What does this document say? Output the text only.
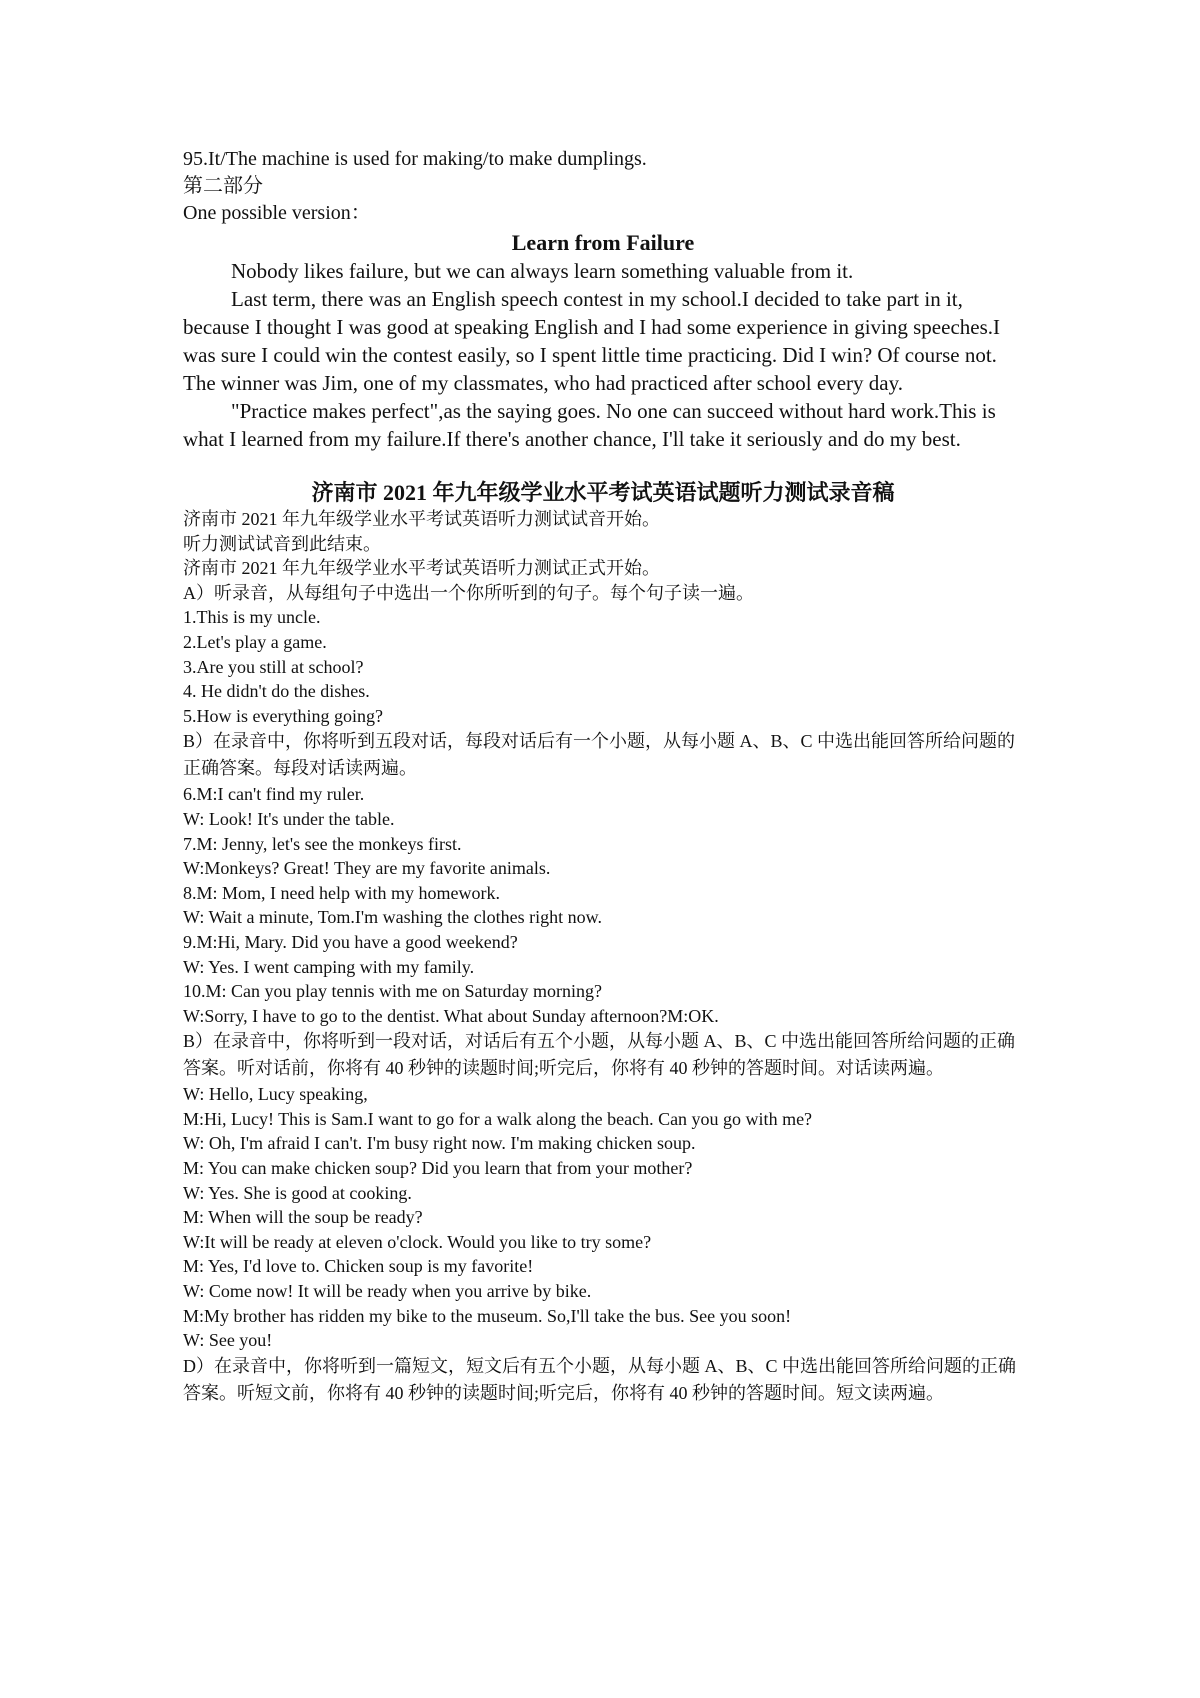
95.It/The machine is used for making/to make dumplings.
第二部分
One possible version：
Learn from Failure
Nobody likes failure, but we can always learn something valuable from it.
Last term, there was an English speech contest in my school.I decided to take part in it, because I thought I was good at speaking English and I had some experience in giving speeches.I was sure I could win the contest easily, so I spent little time practicing. Did I win? Of course not. The winner was Jim, one of my classmates, who had practiced after school every day.
"Practice makes perfect",as the saying goes. No one can succeed without hard work.This is what I learned from my failure.If there's another chance, I'll take it seriously and do my best.
济南市 2021 年九年级学业水平考试英语试题听力测试录音稿
济南市 2021 年九年级学业水平考试英语听力测试试音开始。
听力测试试音到此结束。
济南市 2021 年九年级学业水平考试英语听力测试正式开始。
A）听录音，从每组句子中选出一个你所听到的句子。每个句子读一遍。
1.This is my uncle.
2.Let's play a game.
3.Are you still at school?
4. He didn't do the dishes.
5.How is everything going?
B）在录音中，你将听到五段对话，每段对话后有一个小题，从每小题 A、B、C 中选出能回答所给问题的正确答案。每段对话读两遍。
6.M:I can't find my ruler.
W: Look! It's under the table.
7.M: Jenny, let's see the monkeys first.
W:Monkeys? Great! They are my favorite animals.
8.M: Mom, I need help with my homework.
W: Wait a minute, Tom.I'm washing the clothes right now.
9.M:Hi, Mary. Did you have a good weekend?
W: Yes. I went camping with my family.
10.M: Can you play tennis with me on Saturday morning?
W:Sorry, I have to go to the dentist. What about Sunday afternoon?M:OK.
B）在录音中，你将听到一段对话，对话后有五个小题，从每小题 A、B、C 中选出能回答所给问题的正确答案。听对话前，你将有 40 秒钟的读题时间;听完后，你将有 40 秒钟的答题时间。对话读两遍。
W: Hello, Lucy speaking,
M:Hi, Lucy! This is Sam.I want to go for a walk along the beach. Can you go with me?
W: Oh, I'm afraid I can't. I'm busy right now. I'm making chicken soup.
M: You can make chicken soup? Did you learn that from your mother?
W: Yes. She is good at cooking.
M: When will the soup be ready?
W:It will be ready at eleven o'clock. Would you like to try some?
M: Yes, I'd love to. Chicken soup is my favorite!
W: Come now! It will be ready when you arrive by bike.
M:My brother has ridden my bike to the museum. So,I'll take the bus. See you soon!
W: See you!
D）在录音中，你将听到一篇短文，短文后有五个小题，从每小题 A、B、C 中选出能回答所给问题的正确答案。听短文前，你将有 40 秒钟的读题时间;听完后，你将有 40 秒钟的答题时间。短文读两遍。
